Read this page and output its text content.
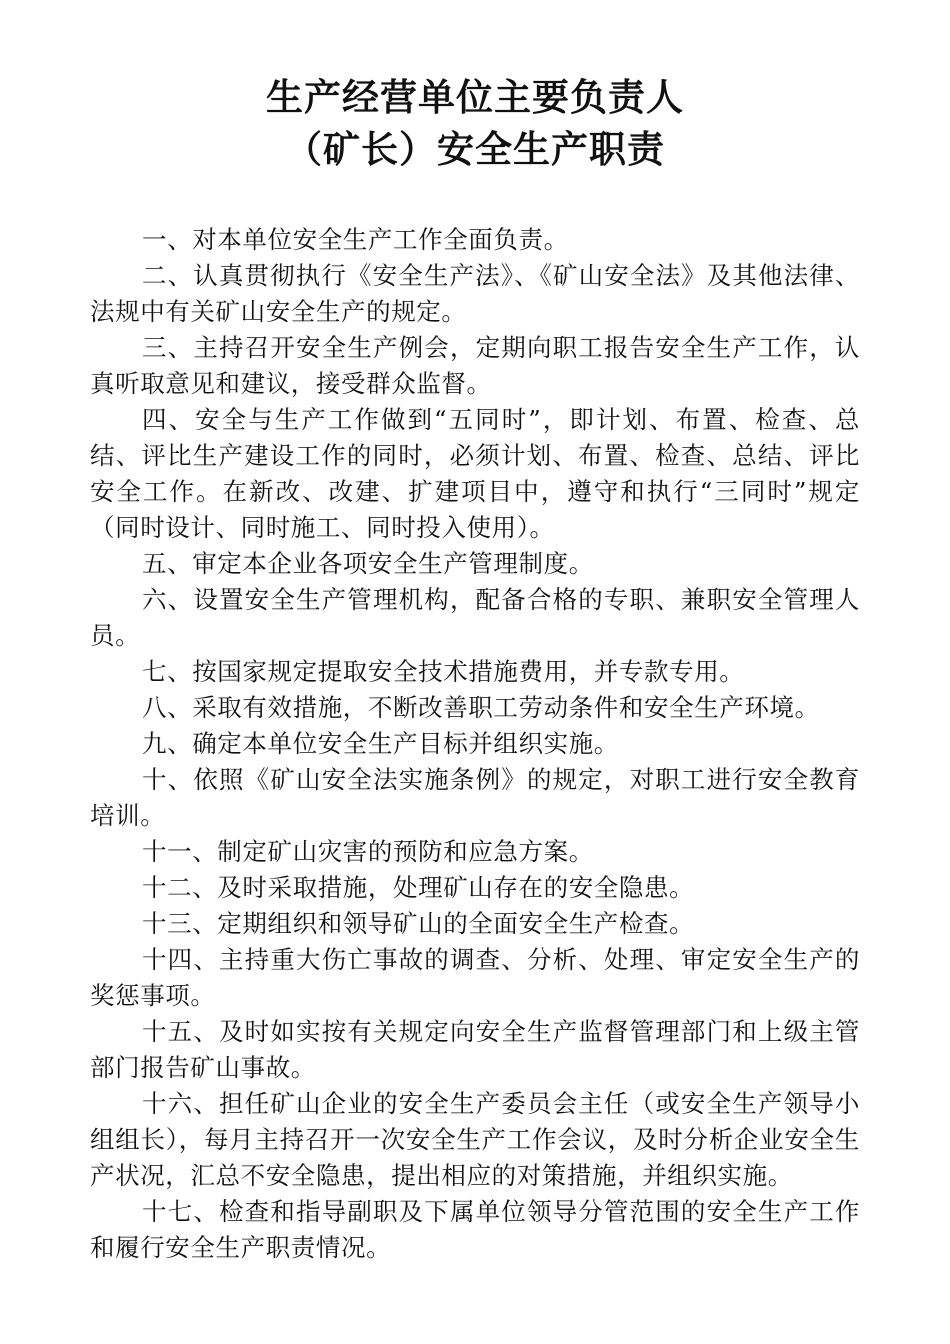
生产经营单位主要负责人
（矿长）安全生产职责

一、对本单位安全生产工作全面负责。

二、认真贯彻执行《安全生产法》、《矿山安全法》及其他法律、法规中有关矿山安全生产的规定。

三、主持召开安全生产例会，定期向职工报告安全生产工作，认真听取意见和建议，接受群众监督。

四、安全与生产工作做到“五同时”，即计划、布置、检查、总结、评比生产建设工作的同时，必须计划、布置、检查、总结、评比安全工作。在新改、改建、扩建项目中，遵守和执行“三同时”规定（同时设计、同时施工、同时投入使用）。

五、审定本企业各项安全生产管理制度。

六、设置安全生产管理机构，配备合格的专职、兼职安全管理人员。

七、按国家规定提取安全技术措施费用，并专款专用。

八、采取有效措施，不断改善职工劳动条件和安全生产环境。

九、确定本单位安全生产目标并组织实施。

十、依照《矿山安全法实施条例》的规定，对职工进行安全教育培训。

十一、制定矿山灾害的预防和应急方案。

十二、及时采取措施，处理矿山存在的安全隐患。

十三、定期组织和领导矿山的全面安全生产检查。

十四、主持重大伤亡事故的调查、分析、处理、审定安全生产的奖惩事项。

十五、及时如实按有关规定向安全生产监督管理部门和上级主管部门报告矿山事故。

十六、担任矿山企业的安全生产委员会主任（或安全生产领导小组组长），每月主持召开一次安全生产工作会议，及时分析企业安全生产状况，汇总不安全隐患，提出相应的对策措施，并组织实施。

十七、检查和指导副职及下属单位领导分管范围的安全生产工作和履行安全生产职责情况。
